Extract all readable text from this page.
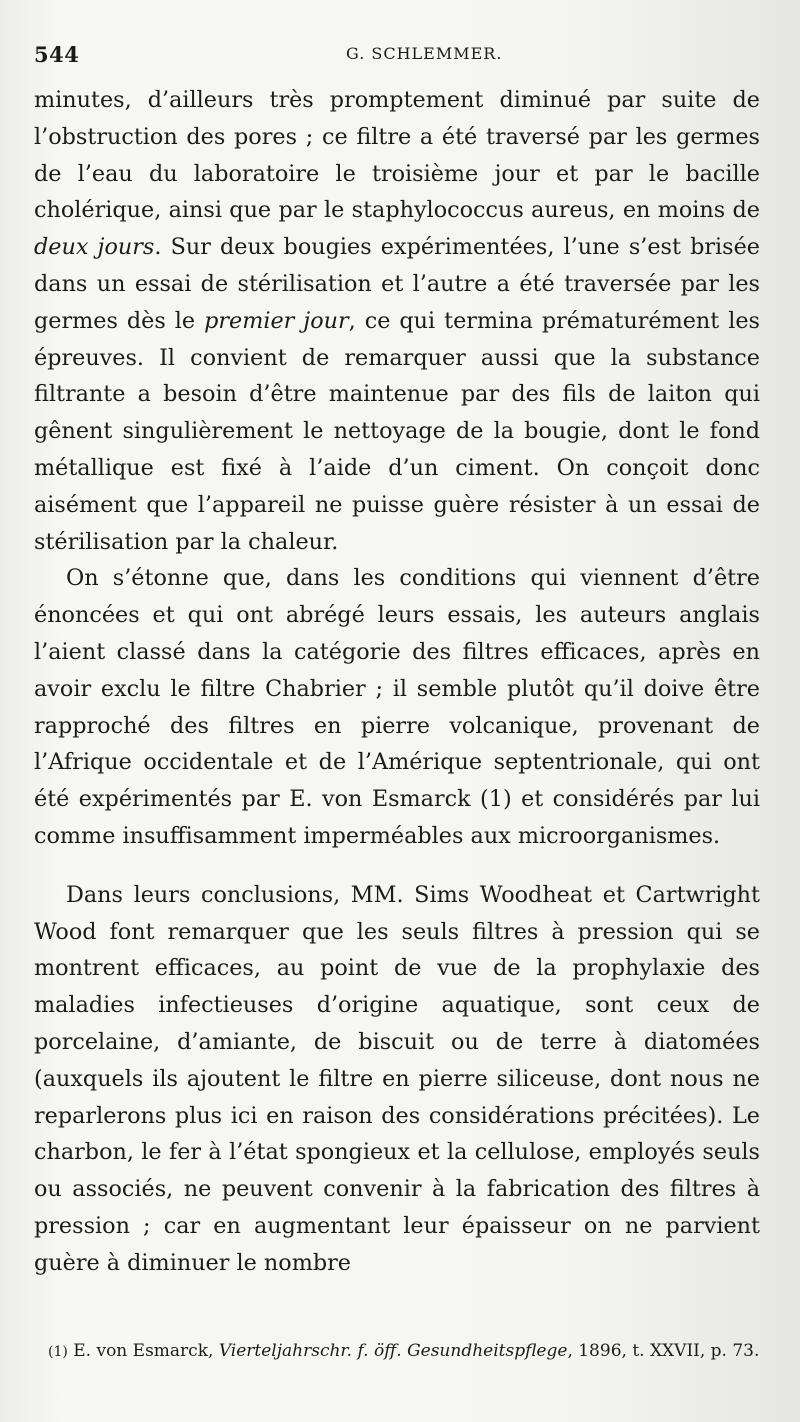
544	G. SCHLEMMER.

minutes, d’ailleurs très promptement diminué par suite de l’obstruction des pores ; ce filtre a été traversé par les germes de l’eau du laboratoire le troisième jour et par le bacille cholérique, ainsi que par le staphylococcus aureus, en moins de deux jours. Sur deux bougies expérimentées, l’une s’est brisée dans un essai de stérilisation et l’autre a été traversée par les germes dès le premier jour, ce qui termina prématurément les épreuves. Il convient de remarquer aussi que la substance filtrante a besoin d’être maintenue par des fils de laiton qui gênent singulièrement le nettoyage de la bougie, dont le fond métallique est fixé à l’aide d’un ciment. On conçoit donc aisément que l’appareil ne puisse guère résister à un essai de stérilisation par la chaleur.

On s’étonne que, dans les conditions qui viennent d’être énoncées et qui ont abrégé leurs essais, les auteurs anglais l’aient classé dans la catégorie des filtres efficaces, après en avoir exclu le filtre Chabrier ; il semble plutôt qu’il doive être rapproché des filtres en pierre volcanique, provenant de l’Afrique occidentale et de l’Amérique septentrionale, qui ont été expérimentés par E. von Esmarck (1) et considérés par lui comme insuffisamment imperméables aux microorganismes.

Dans leurs conclusions, MM. Sims Woodheat et Cartwright Wood font remarquer que les seuls filtres à pression qui se montrent efficaces, au point de vue de la prophylaxie des maladies infectieuses d’origine aquatique, sont ceux de porcelaine, d’amiante, de biscuit ou de terre à diatomées (auxquels ils ajoutent le filtre en pierre siliceuse, dont nous ne reparlerons plus ici en raison des considérations précitées). Le charbon, le fer à l’état spongieux et la cellulose, employés seuls ou associés, ne peuvent convenir à la fabrication des filtres à pression ; car en augmentant leur épaisseur on ne parvient guère à diminuer le nombre

(1) E. von Esmarck, Vierteljahrschr. f. öff. Gesundheitspflege, 1896, t. XXVII, p. 73.
